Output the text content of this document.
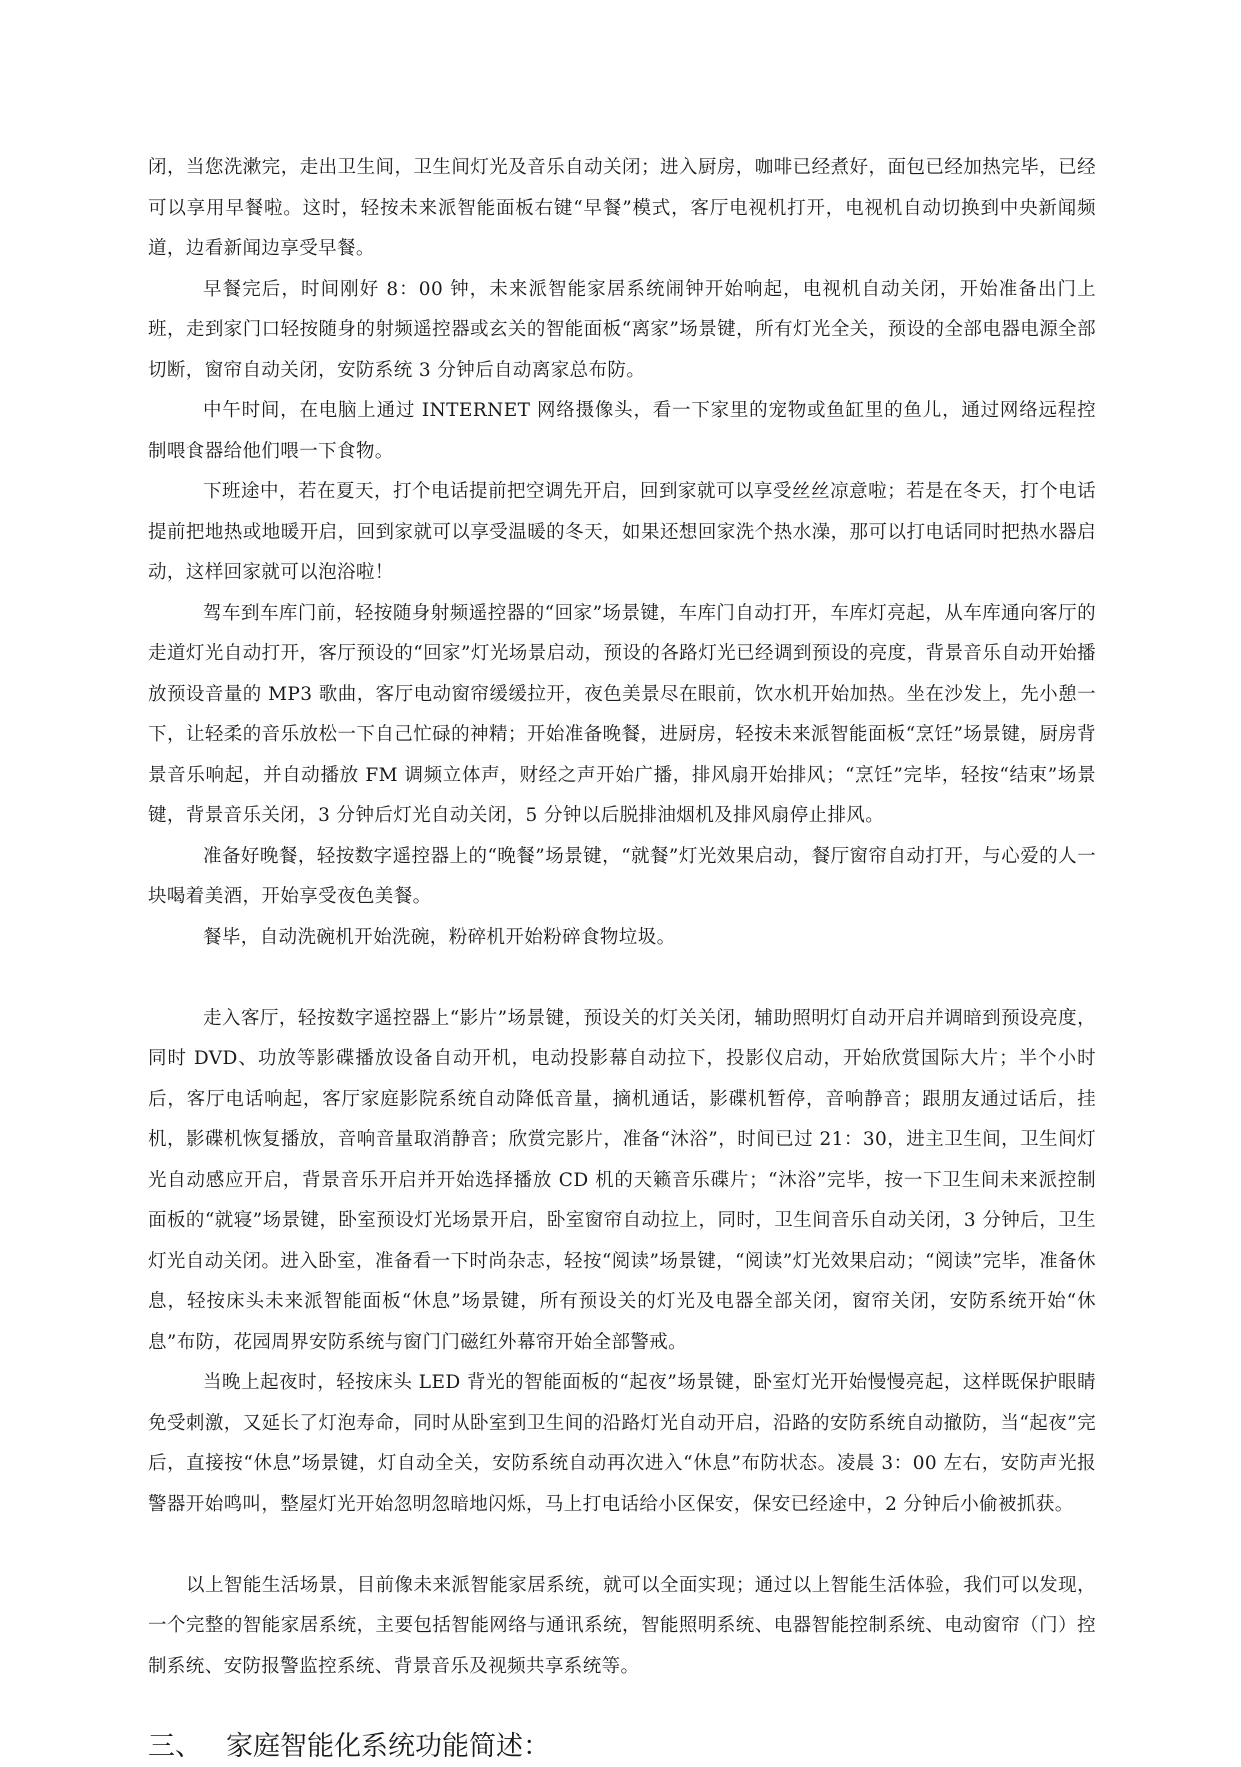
闭，当您洗漱完，走出卫生间，卫生间灯光及音乐自动关闭；进入厨房，咖啡已经煮好，面包已经加热完毕，已经可以享用早餐啦。这时，轻按未来派智能面板右键“早餐”模式，客厅电视机打开，电视机自动切换到中央新闻频道，边看新闻边享受早餐。

早餐完后，时间刚好 8：00 钟，未来派智能家居系统闹钟开始响起，电视机自动关闭，开始准备出门上班，走到家门口轻按随身的射频遥控器或玄关的智能面板“离家”场景键，所有灯光全关，预设的全部电器电源全部切断，窗帘自动关闭，安防系统 3 分钟后自动离家总布防。

中午时间，在电脑上通过 INTERNET 网络摄像头，看一下家里的宠物或鱼缸里的鱼儿，通过网络远程控制喂食器给他们喂一下食物。

下班途中，若在夏天，打个电话提前把空调先开启，回到家就可以享受丝丝凉意啦；若是在冬天，打个电话提前把地热或地暖开启，回到家就可以享受温暖的冬天，如果还想回家洗个热水澡，那可以打电话同时把热水器启动，这样回家就可以泡浴啦！

驾车到车库门前，轻按随身射频遥控器的“回家”场景键，车库门自动打开，车库灯亮起，从车库通向客厅的走道灯光自动打开，客厅预设的“回家”灯光场景启动，预设的各路灯光已经调到预设的亮度，背景音乐自动开始播放预设音量的 MP3 歌曲，客厅电动窗帘缓缓拉开，夜色美景尽在眼前，饮水机开始加热。坐在沙发上，先小憩一下，让轻柔的音乐放松一下自己忙碌的神精；开始准备晚餐，进厨房，轻按未来派智能面板“烹饪”场景键，厨房背景音乐响起，并自动播放 FM 调频立体声，财经之声开始广播，排风扇开始排风；“烹饪”完毕，轻按“结束”场景键，背景音乐关闭，3 分钟后灯光自动关闭，5 分钟以后脱排油烟机及排风扇停止排风。

准备好晚餐，轻按数字遥控器上的“晚餐”场景键，“就餐”灯光效果启动，餐厅窗帘自动打开，与心爱的人一块喝着美酒，开始享受夜色美餐。

餐毕，自动洗碗机开始洗碗，粉碎机开始粉碎食物垃圾。

走入客厅，轻按数字遥控器上“影片”场景键，预设关的灯关关闭，辅助照明灯自动开启并调暗到预设亮度，同时 DVD、功放等影碟播放设备自动开机，电动投影幕自动拉下，投影仪启动，开始欣赏国际大片；半个小时后，客厅电话响起，客厅家庭影院系统自动降低音量，摘机通话，影碟机暂停，音响静音；跟朋友通过话后，挂机，影碟机恢复播放，音响音量取消静音；欣赏完影片，准备“沐浴”，时间已过 21：30，进主卫生间，卫生间灯光自动感应开启，背景音乐开启并开始选择播放 CD 机的天籁音乐碟片；“沐浴”完毕，按一下卫生间未来派控制面板的“就寝”场景键，卧室预设灯光场景开启，卧室窗帘自动拉上，同时，卫生间音乐自动关闭，3 分钟后，卫生灯光自动关闭。进入卧室，准备看一下时尚杂志，轻按“阅读”场景键，“阅读”灯光效果启动；“阅读”完毕，准备休息，轻按床头未来派智能面板“休息”场景键，所有预设关的灯光及电器全部关闭，窗帘关闭，安防系统开始“休息”布防，花园周界安防系统与窗门门磁红外幕帘开始全部警戒。

当晚上起夜时，轻按床头 LED 背光的智能面板的“起夜”场景键，卧室灯光开始慢慢亮起，这样既保护眼睛免受刺激，又延长了灯泡寿命，同时从卧室到卫生间的沿路灯光自动开启，沿路的安防系统自动撤防，当“起夜”完后，直接按“休息”场景键，灯自动全关，安防系统自动再次进入“休息”布防状态。凌晨 3：00 左右，安防声光报警器开始鸣叫，整屋灯光开始忽明忽暗地闪烁，马上打电话给小区保安，保安已经途中，2 分钟后小偷被抓获。

以上智能生活场景，目前像未来派智能家居系统，就可以全面实现；通过以上智能生活体验，我们可以发现，一个完整的智能家居系统，主要包括智能网络与通讯系统，智能照明系统、电器智能控制系统、电动窗帘（门）控制系统、安防报警监控系统、背景音乐及视频共享系统等。

三、 家庭智能化系统功能简述：
